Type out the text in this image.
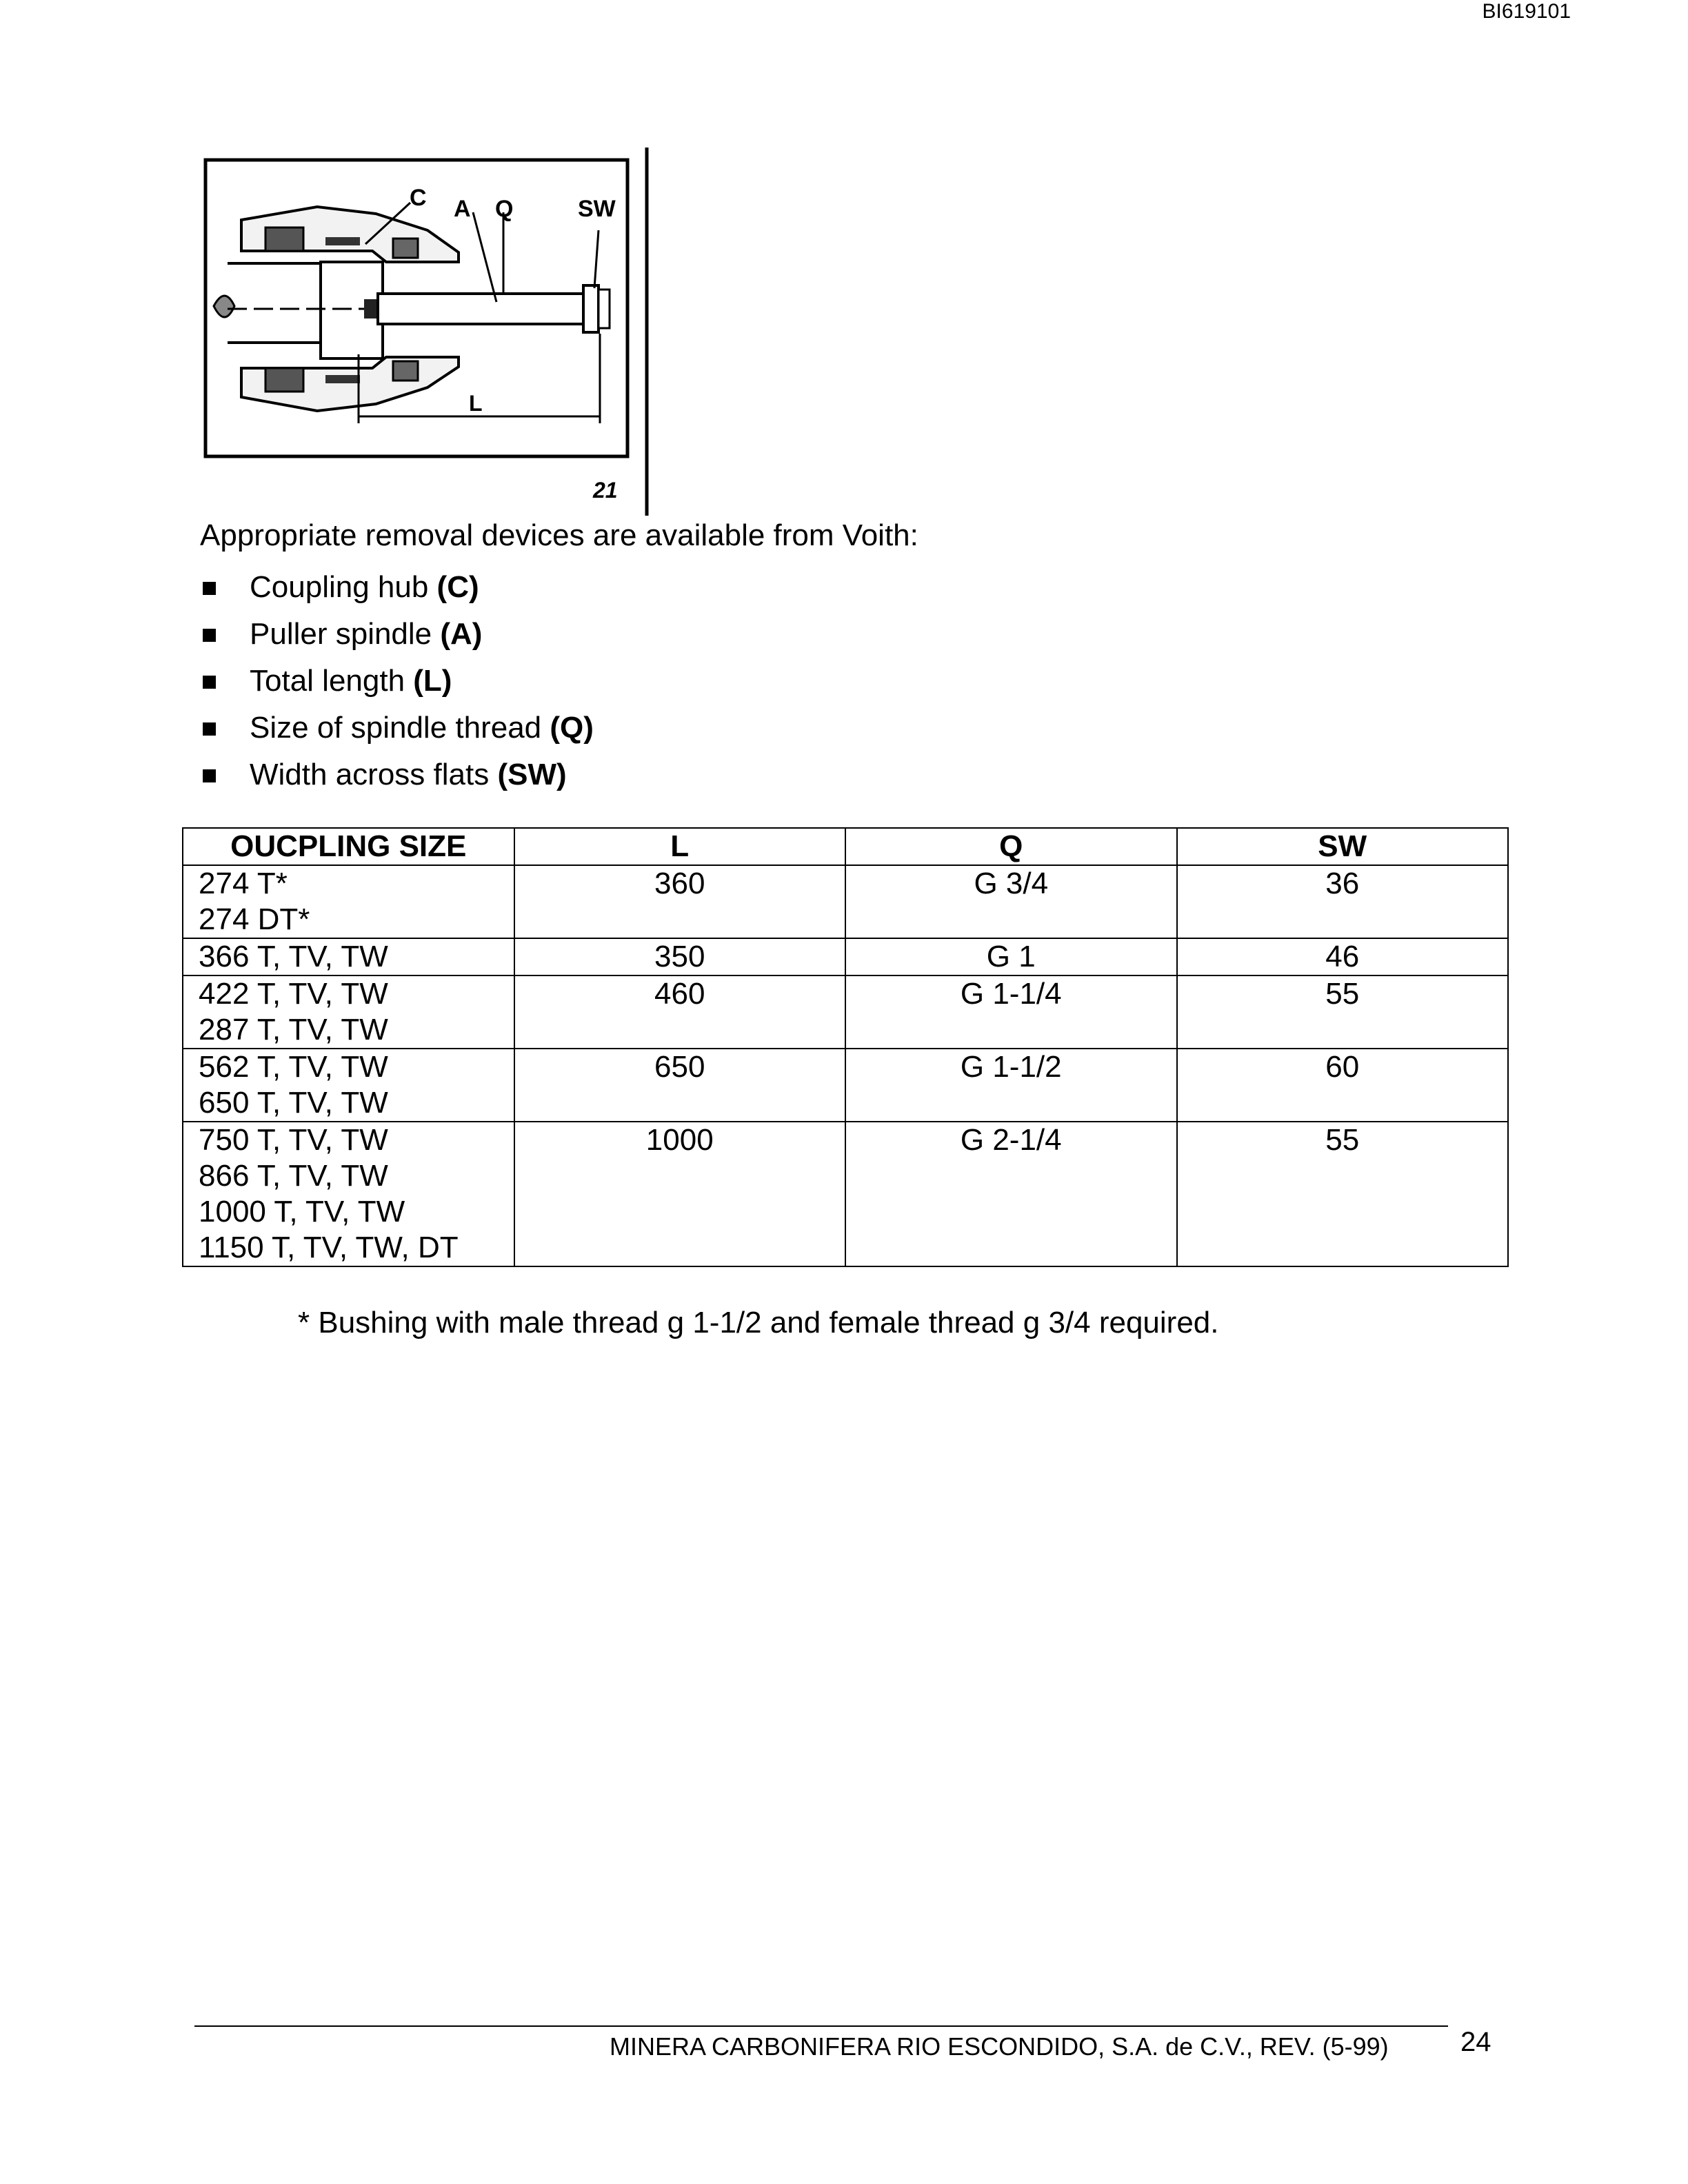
BI619101
C A Q	SW
L
21
Appropriate removal devices are available from Voith:
Coupling hub (C)
Puller spindle (A)
Total length (L)
Size of spindle thread (Q)
Width across flats (SW)
OUCPLING SIZE	L	Q	SW

274 T*
274 DT*	360	G 3/4	36

366 T, TV, TW	350	G 1	46

422 T, TV, TW
287 T, TV, TW	460	G 1-1/4	55

562 T, TV, TW
650 T, TV, TW	650	G 1-1/2	60

750 T, TV, TW
866 T, TV, TW
1000 T, TV, TW
1150 T, TV, TW, DT	1000	G 2-1/4	55
* Bushing with male thread g 1-1/2 and female thread g 3/4 required.
MINERA CARBONIFERA RIO ESCONDIDO, S.A. de C.V., REV. (5-99)	24
